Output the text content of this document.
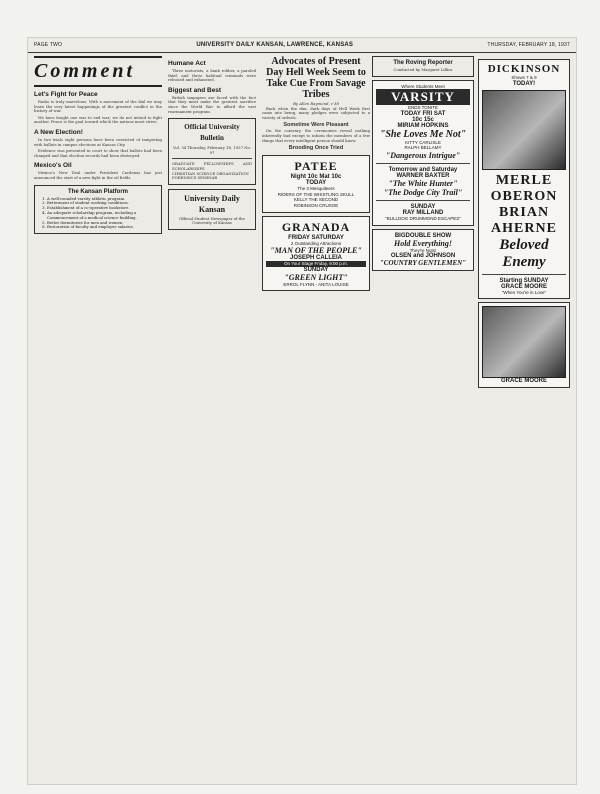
PAGE TWO	UNIVERSITY DAILY KANSAN, LAWRENCE, KANSAS	THURSDAY, FEBRUARY 18, 1937
Comment
Let's Fight for Peace

Radio is truly marvelous. With a movement of the dial we may learn the very latest happenings of the greatest conflict in the history of war.

We have fought one war to end war; we do not intend to fight another. Peace is the goal toward which the nations must strive.

A New Election!

In two trials eight persons have been convicted of tampering with ballots in campus elections at Kansas City.

Evidence was presented in court to show that ballots had been changed and that election records had been destroyed.

Mexico's Oil

Mexico's New Deal under President Cardenas has just announced the start of a new fight in the oil fields.

The Kansan Platform
1. A well-rounded varsity athletic program.
2. Betterment of student working conditions.
3. Establishment of a co-operative bookstore.
4. An adequate scholarship program, including a Commencement of a medical science building.
5. Better dormitories for men and women.
6. Restoration of faculty and employee salaries.
Humane Act

Three motorists, a bank robber, a paroled thief, and three habitual criminals were released and exhausted.

Biggest and Best

British taxpayers are faced with the fact that they must make the greatest sacrifice since the World War to afford the vast rearmament program.

Official University Bulletin
Vol. 34 Thursday, February 18, 1937 No. 97
GRADUATE FELLOWSHIPS AND SCHOLARSHIPS
CHRISTIAN SCIENCE ORGANIZATION
FORENSICS SEMINAR
University Daily Kansan
Official Student Newspaper of the University of Kansas
Advocates of Present Day Hell Week Seem to Take Cue From Savage Tribes
By Allen Raymond, c'38

Back when the dim, dark days of Hell Week first came into being, many pledges were subjected to a variety of ordeals.

Sometime Were Pleasant

On the contrary, the ceremonies reveal nothing inherently bad except to inform the members of a few things that every intelligent person should know.

Brooding Once Tried
PATEE
Night 10c Mat 10c
TODAY
The 3 Mesquiteers
RIDERS OF THE WHISTLING SKULL
KELLY THE SECOND
ROBINSON CRUSOE
GRANADA
FRIDAY SATURDAY
2 Outstanding Attractions
"MAN OF THE PEOPLE"
JOSEPH CALLEIA
On Your Stage Friday, 9:00 p.m.
SUNDAY
"GREEN LIGHT"
ERROL FLYNN - ANITA LOUISE
The Roving Reporter
Conducted by Margaret Lillios
Where Students Meet
VARSITY
ENDS TONITE
TODAY FRI SAT
10c 15c
MIRIAM HOPKINS
"She Loves Me Not"
KITTY CARLISLE
RALPH BELLAMY
"Dangerous Intrigue"
Tomorrow and Saturday
WARNER BAXTER
"The White Hunter"
"The Dodge City Trail"
SUNDAY
RAY MILLAND
"BULLDOG DRUMMOND ESCAPES"
BIGDOUBLE SHOW
Hold Everything!
They're Nuts!
OLSEN and JOHNSON
"COUNTRY GENTLEMEN"
DICKINSON
Shows 7 & 9
TODAY!
MERLE OBERON
BRIAN AHERNE
Beloved Enemy
Starting SUNDAY
GRACE MOORE
"When You're in Love"
GRACE MOORE
